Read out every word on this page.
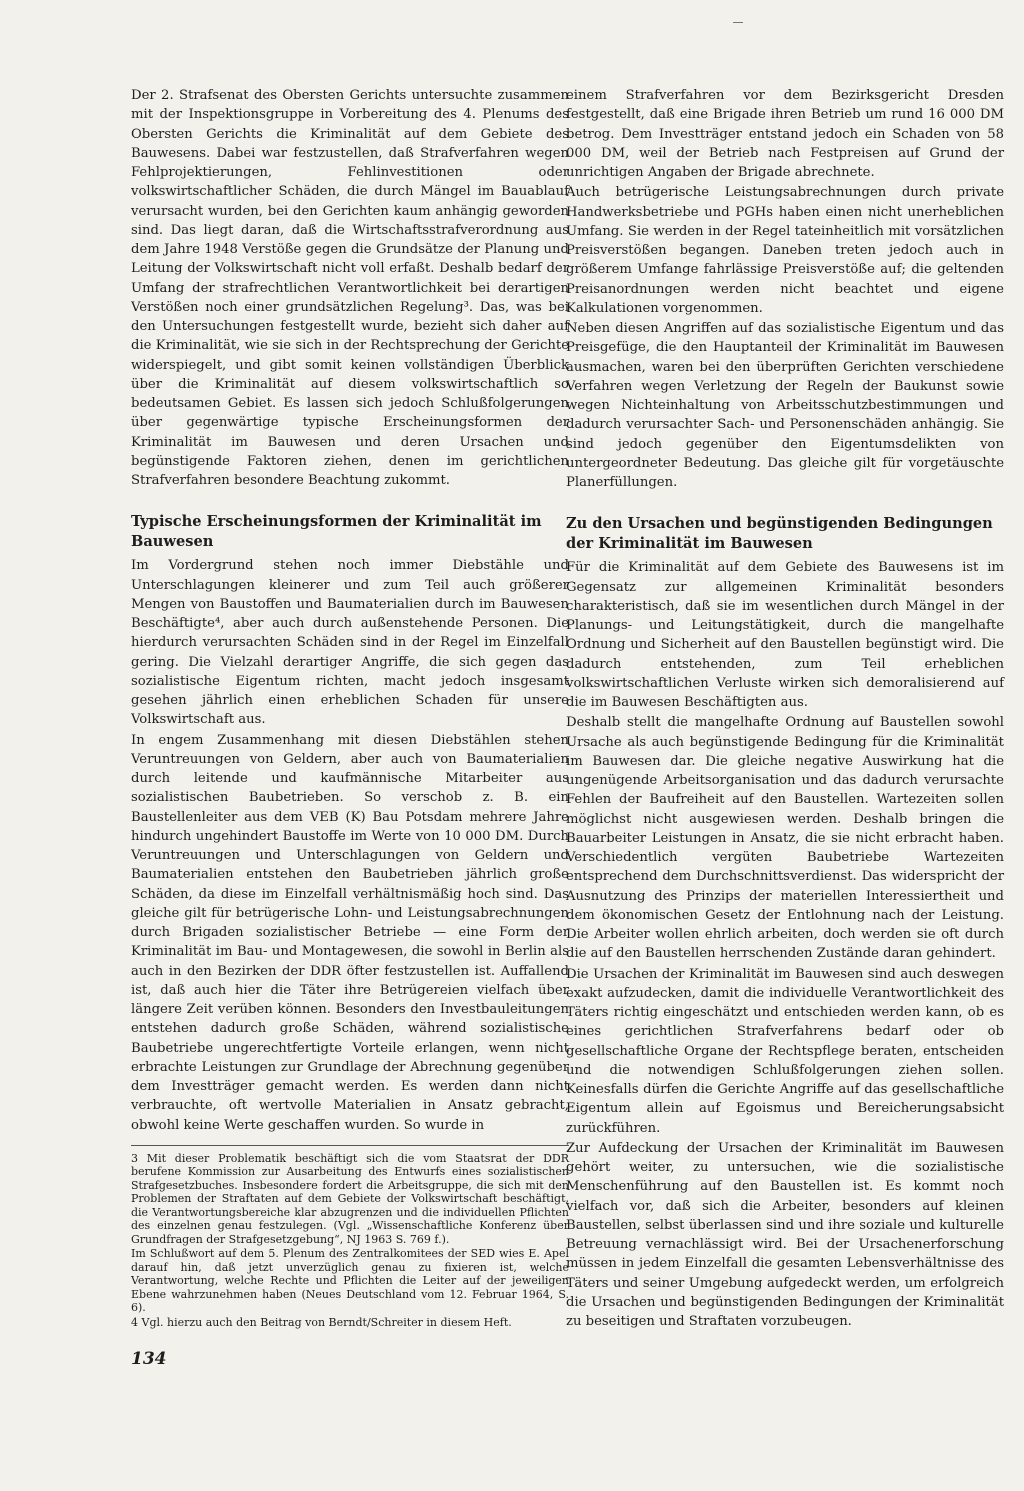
Der 2. Strafsenat des Obersten Gerichts untersuchte zusammen mit der Inspektionsgruppe in Vorbereitung des 4. Plenums des Obersten Gerichts die Kriminalität auf dem Gebiete des Bauwesens. Dabei war festzustellen, daß Strafverfahren wegen Fehlprojektierungen, Fehlinvestitionen oder volkswirtschaftlicher Schäden, die durch Mängel im Bauablauf verursacht wurden, bei den Gerichten kaum anhängig geworden sind. Das liegt daran, daß die Wirtschaftsstrafverordnung aus dem Jahre 1948 Verstöße gegen die Grundsätze der Planung und Leitung der Volkswirtschaft nicht voll erfaßt. Deshalb bedarf der Umfang der strafrechtlichen Verantwortlichkeit bei derartigen Verstößen noch einer grundsätzlichen Regelung³. Das, was bei den Untersuchungen festgestellt wurde, bezieht sich daher auf die Kriminalität, wie sie sich in der Rechtsprechung der Gerichte widerspiegelt, und gibt somit keinen vollständigen Überblick über die Kriminalität auf diesem volkswirtschaftlich so bedeutsamen Gebiet. Es lassen sich jedoch Schlußfolgerungen über gegenwärtige typische Erscheinungsformen der Kriminalität im Bauwesen und deren Ursachen und begünstigende Faktoren ziehen, denen im gerichtlichen Strafverfahren besondere Beachtung zukommt.

Typische Erscheinungsformen der Kriminalität im Bauwesen

Im Vordergrund stehen noch immer Diebstähle und Unterschlagungen kleinerer und zum Teil auch größerer Mengen von Baustoffen und Baumaterialien durch im Bauwesen Beschäftigte⁴, aber auch durch außenstehende Personen. Die hierdurch verursachten Schäden sind in der Regel im Einzelfall gering. Die Vielzahl derartiger Angriffe, die sich gegen das sozialistische Eigentum richten, macht jedoch insgesamt gesehen jährlich einen erheblichen Schaden für unsere Volkswirtschaft aus.

In engem Zusammenhang mit diesen Diebstählen stehen Veruntreuungen von Geldern, aber auch von Baumaterialien durch leitende und kaufmännische Mitarbeiter aus sozialistischen Baubetrieben. So verschob z. B. ein Baustellenleiter aus dem VEB (K) Bau Potsdam mehrere Jahre hindurch ungehindert Baustoffe im Werte von 10 000 DM. Durch Veruntreuungen und Unterschlagungen von Geldern und Baumaterialien entstehen den Baubetrieben jährlich große Schäden, da diese im Einzelfall verhältnismäßig hoch sind. Das gleiche gilt für betrügerische Lohn- und Leistungsabrechnungen durch Brigaden sozialistischer Betriebe — eine Form der Kriminalität im Bau- und Montagewesen, die sowohl in Berlin als auch in den Bezirken der DDR öfter festzustellen ist. Auffallend ist, daß auch hier die Täter ihre Betrügereien vielfach über längere Zeit verüben können. Besonders den Investbauleitungen entstehen dadurch große Schäden, während sozialistische Baubetriebe ungerechtfertigte Vorteile erlangen, wenn nicht erbrachte Leistungen zur Grundlage der Abrechnung gegenüber dem Investträger gemacht werden. Es werden dann nicht verbrauchte, oft wertvolle Materialien in Ansatz gebracht, obwohl keine Werte geschaffen wurden. So wurde in

3 Mit dieser Problematik beschäftigt sich die vom Staatsrat der DDR berufene Kommission zur Ausarbeitung des Entwurfs eines sozialistischen Strafgesetzbuches. Insbesondere fordert die Arbeitsgruppe, die sich mit den Problemen der Straftaten auf dem Gebiete der Volkswirtschaft beschäftigt, die Verantwortungsbereiche klar abzugrenzen und die individuellen Pflichten des einzelnen genau festzulegen. (Vgl. „Wissenschaftliche Konferenz über Grundfragen der Strafgesetzgebung“, NJ 1963 S. 769 f.).

Im Schlußwort auf dem 5. Plenum des Zentralkomitees der SED wies E. Apel darauf hin, daß jetzt unverzüglich genau zu fixieren ist, welche Verantwortung, welche Rechte und Pflichten die Leiter auf der jeweiligen Ebene wahrzunehmen haben (Neues Deutschland vom 12. Februar 1964, S. 6).

4 Vgl. hierzu auch den Beitrag von Berndt/Schreiter in diesem Heft.

einem Strafverfahren vor dem Bezirksgericht Dresden festgestellt, daß eine Brigade ihren Betrieb um rund 16 000 DM betrog. Dem Investträger entstand jedoch ein Schaden von 58 000 DM, weil der Betrieb nach Festpreisen auf Grund der unrichtigen Angaben der Brigade abrechnete.

Auch betrügerische Leistungsabrechnungen durch private Handwerksbetriebe und PGHs haben einen nicht unerheblichen Umfang. Sie werden in der Regel tateinheitlich mit vorsätzlichen Preisverstößen begangen. Daneben treten jedoch auch in größerem Umfange fahrlässige Preisverstöße auf; die geltenden Preisanordnungen werden nicht beachtet und eigene Kalkulationen vorgenommen.

Neben diesen Angriffen auf das sozialistische Eigentum und das Preisgefüge, die den Hauptanteil der Kriminalität im Bauwesen ausmachen, waren bei den überprüften Gerichten verschiedene Verfahren wegen Verletzung der Regeln der Baukunst sowie wegen Nichteinhaltung von Arbeitsschutzbestimmungen und dadurch verursachter Sach- und Personenschäden anhängig. Sie sind jedoch gegenüber den Eigentumsdelikten von untergeordneter Bedeutung. Das gleiche gilt für vorgetäuschte Planerfüllungen.

Zu den Ursachen und begünstigenden Bedingungen der Kriminalität im Bauwesen

Für die Kriminalität auf dem Gebiete des Bauwesens ist im Gegensatz zur allgemeinen Kriminalität besonders charakteristisch, daß sie im wesentlichen durch Mängel in der Planungs- und Leitungstätigkeit, durch die mangelhafte Ordnung und Sicherheit auf den Baustellen begünstigt wird. Die dadurch entstehenden, zum Teil erheblichen volkswirtschaftlichen Verluste wirken sich demoralisierend auf die im Bauwesen Beschäftigten aus.

Deshalb stellt die mangelhafte Ordnung auf Baustellen sowohl Ursache als auch begünstigende Bedingung für die Kriminalität im Bauwesen dar. Die gleiche negative Auswirkung hat die ungenügende Arbeitsorganisation und das dadurch verursachte Fehlen der Baufreiheit auf den Baustellen. Wartezeiten sollen möglichst nicht ausgewiesen werden. Deshalb bringen die Bauarbeiter Leistungen in Ansatz, die sie nicht erbracht haben. Verschiedentlich vergüten Baubetriebe Wartezeiten entsprechend dem Durchschnittsverdienst. Das widerspricht der Ausnutzung des Prinzips der materiellen Interessiertheit und dem ökonomischen Gesetz der Entlohnung nach der Leistung. Die Arbeiter wollen ehrlich arbeiten, doch werden sie oft durch die auf den Baustellen herrschenden Zustände daran gehindert.

Die Ursachen der Kriminalität im Bauwesen sind auch deswegen exakt aufzudecken, damit die individuelle Verantwortlichkeit des Täters richtig eingeschätzt und entschieden werden kann, ob es eines gerichtlichen Strafverfahrens bedarf oder ob gesellschaftliche Organe der Rechtspflege beraten, entscheiden und die notwendigen Schlußfolgerungen ziehen sollen. Keinesfalls dürfen die Gerichte Angriffe auf das gesellschaftliche Eigentum allein auf Egoismus und Bereicherungsabsicht zurückführen.

Zur Aufdeckung der Ursachen der Kriminalität im Bauwesen gehört weiter, zu untersuchen, wie die sozialistische Menschenführung auf den Baustellen ist. Es kommt noch vielfach vor, daß sich die Arbeiter, besonders auf kleinen Baustellen, selbst überlassen sind und ihre soziale und kulturelle Betreuung vernachlässigt wird. Bei der Ursachenerforschung müssen in jedem Einzelfall die gesamten Lebensverhältnisse des Täters und seiner Umgebung aufgedeckt werden, um erfolgreich die Ursachen und begünstigenden Bedingungen der Kriminalität zu beseitigen und Straftaten vorzubeugen.

134
